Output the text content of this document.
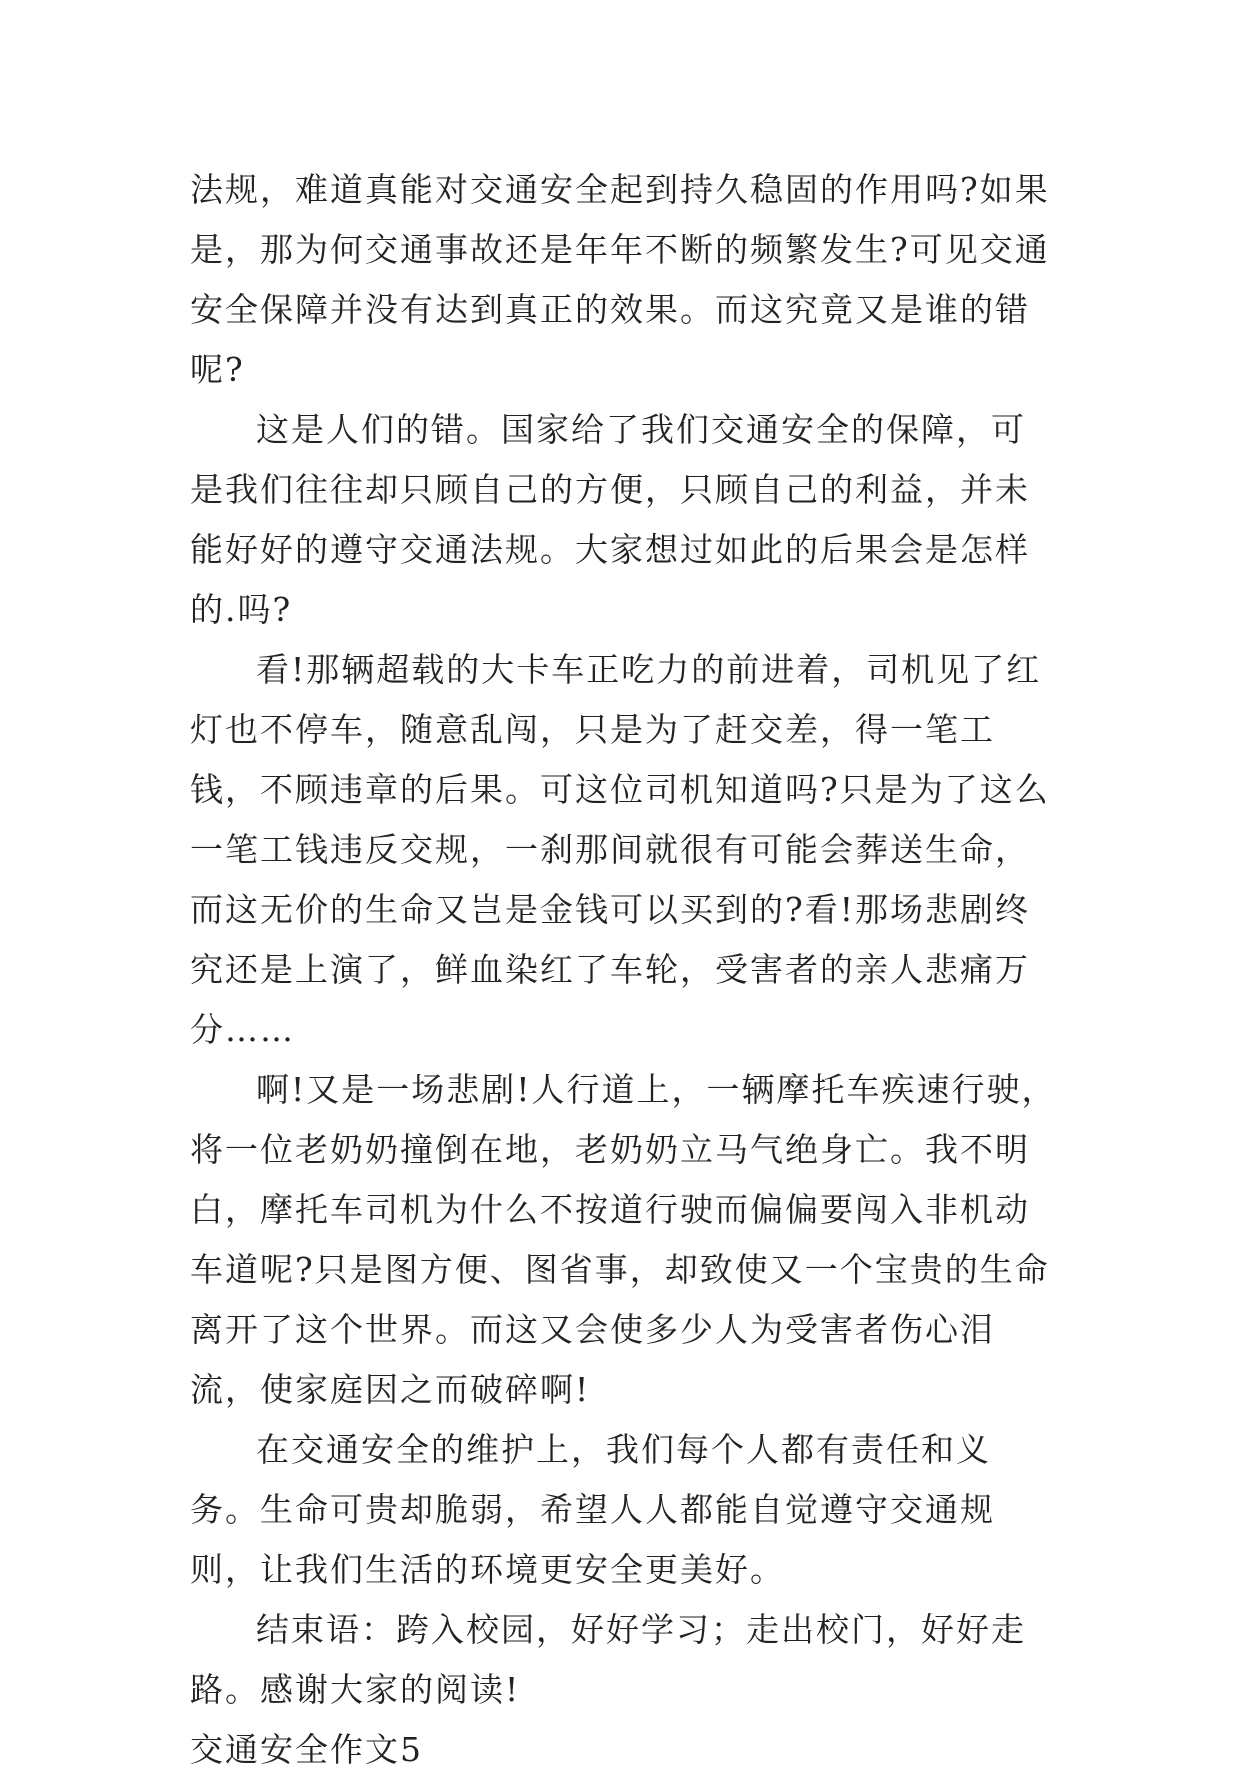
法规，难道真能对交通安全起到持久稳固的作用吗?如果是，那为何交通事故还是年年不断的频繁发生?可见交通安全保障并没有达到真正的效果。而这究竟又是谁的错呢?

这是人们的错。国家给了我们交通安全的保障，可是我们往往却只顾自己的方便，只顾自己的利益，并未能好好的遵守交通法规。大家想过如此的后果会是怎样的.吗?

看!那辆超载的大卡车正吃力的前进着，司机见了红灯也不停车，随意乱闯，只是为了赶交差，得一笔工钱，不顾违章的后果。可这位司机知道吗?只是为了这么一笔工钱违反交规，一刹那间就很有可能会葬送生命，而这无价的生命又岂是金钱可以买到的?看!那场悲剧终究还是上演了，鲜血染红了车轮，受害者的亲人悲痛万分……

啊!又是一场悲剧!人行道上，一辆摩托车疾速行驶，将一位老奶奶撞倒在地，老奶奶立马气绝身亡。我不明白，摩托车司机为什么不按道行驶而偏偏要闯入非机动车道呢?只是图方便、图省事，却致使又一个宝贵的生命离开了这个世界。而这又会使多少人为受害者伤心泪流，使家庭因之而破碎啊!

在交通安全的维护上，我们每个人都有责任和义务。生命可贵却脆弱，希望人人都能自觉遵守交通规则，让我们生活的环境更安全更美好。

结束语：跨入校园，好好学习；走出校门，好好走路。感谢大家的阅读!

交通安全作文5
